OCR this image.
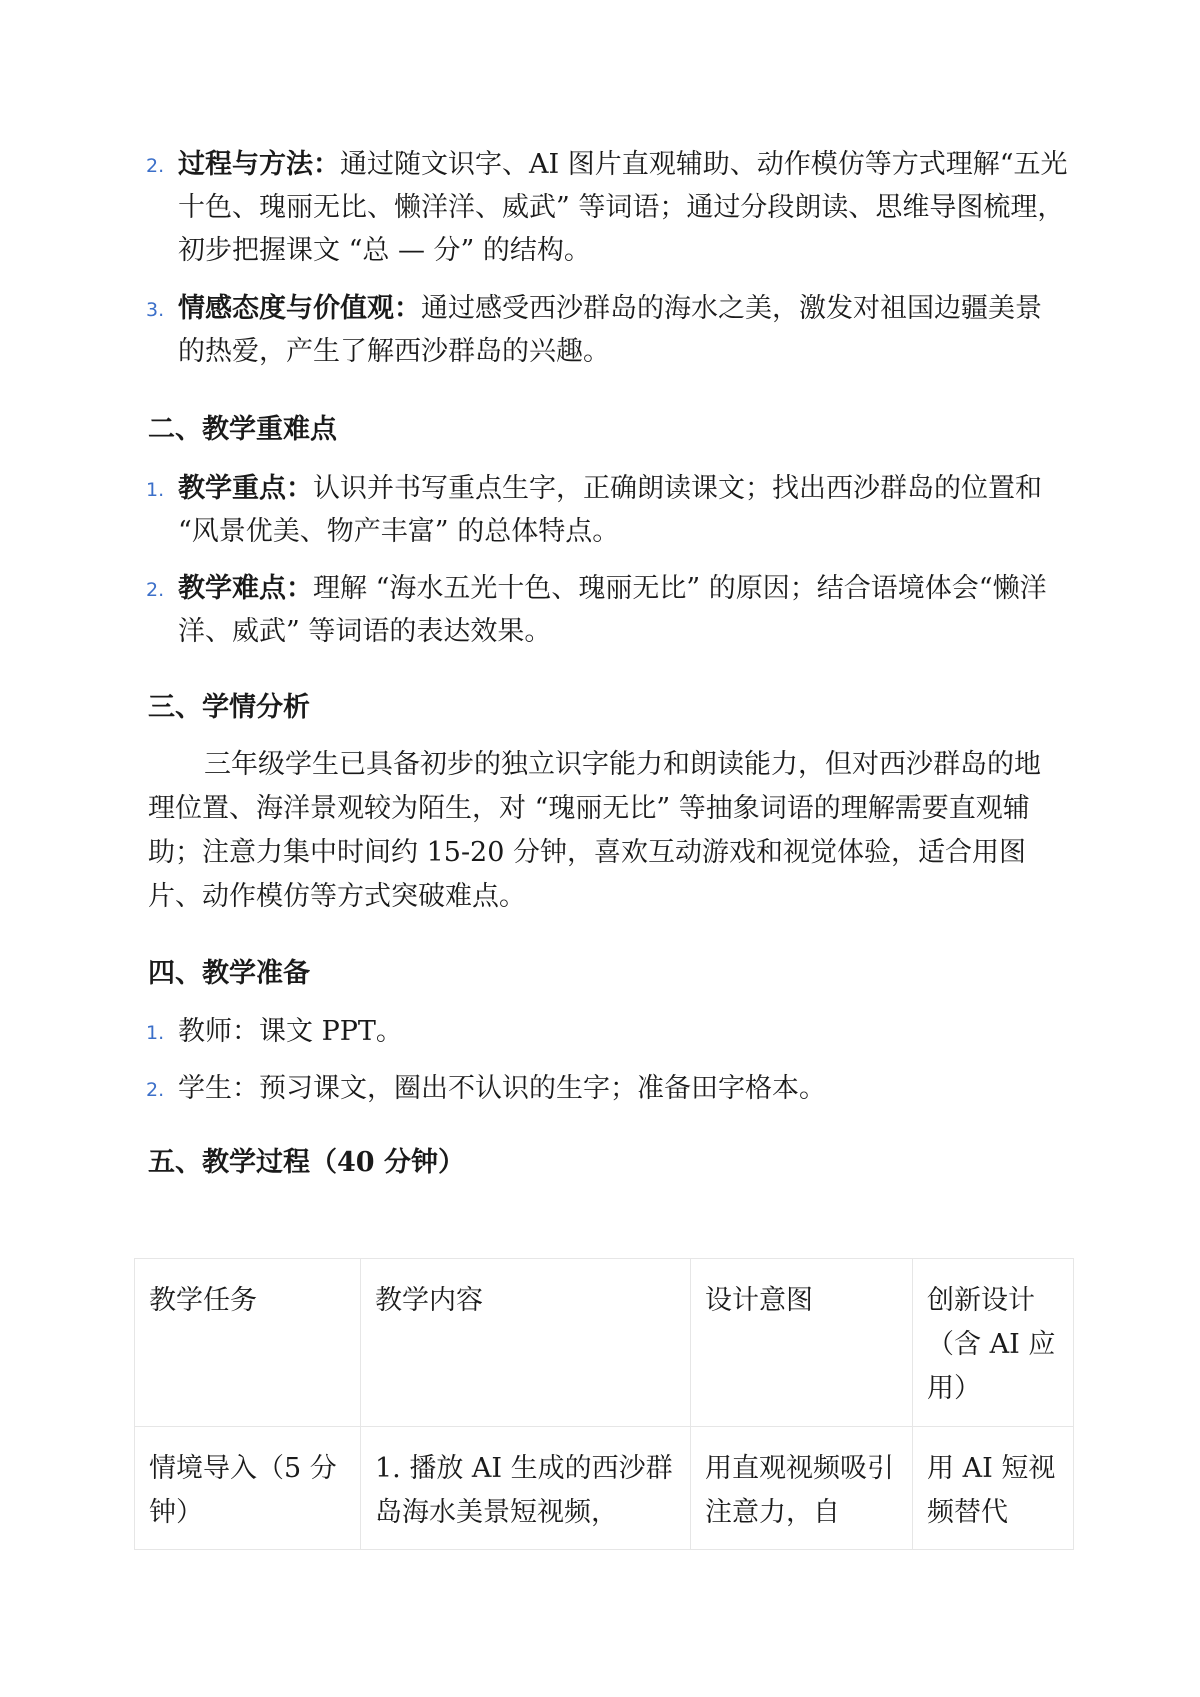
2. 过程与方法：通过随文识字、AI 图片直观辅助、动作模仿等方式理解“五光十色、瑰丽无比、懒洋洋、威武” 等词语；通过分段朗读、思维导图梳理，初步把握课文 “总 — 分” 的结构。
3. 情感态度与价值观：通过感受西沙群岛的海水之美，激发对祖国边疆美景的热爱，产生了解西沙群岛的兴趣。
二、教学重难点
1. 教学重点：认识并书写重点生字，正确朗读课文；找出西沙群岛的位置和 “风景优美、物产丰富” 的总体特点。
2. 教学难点：理解 “海水五光十色、瑰丽无比” 的原因；结合语境体会“懒洋洋、威武” 等词语的表达效果。
三、学情分析
三年级学生已具备初步的独立识字能力和朗读能力，但对西沙群岛的地理位置、海洋景观较为陌生，对 “瑰丽无比” 等抽象词语的理解需要直观辅助；注意力集中时间约 15-20 分钟，喜欢互动游戏和视觉体验，适合用图片、动作模仿等方式突破难点。
四、教学准备
1. 教师：课文 PPT。
2. 学生：预习课文，圈出不认识的生字；准备田字格本。
五、教学过程（40 分钟）
教学任务	教学内容	设计意图	创新设计（含 AI 应用）
情境导入（5 分钟）	1. 播放 AI 生成的西沙群岛海水美景短视频，	用直观视频吸引注意力，自	用 AI 短视频替代
